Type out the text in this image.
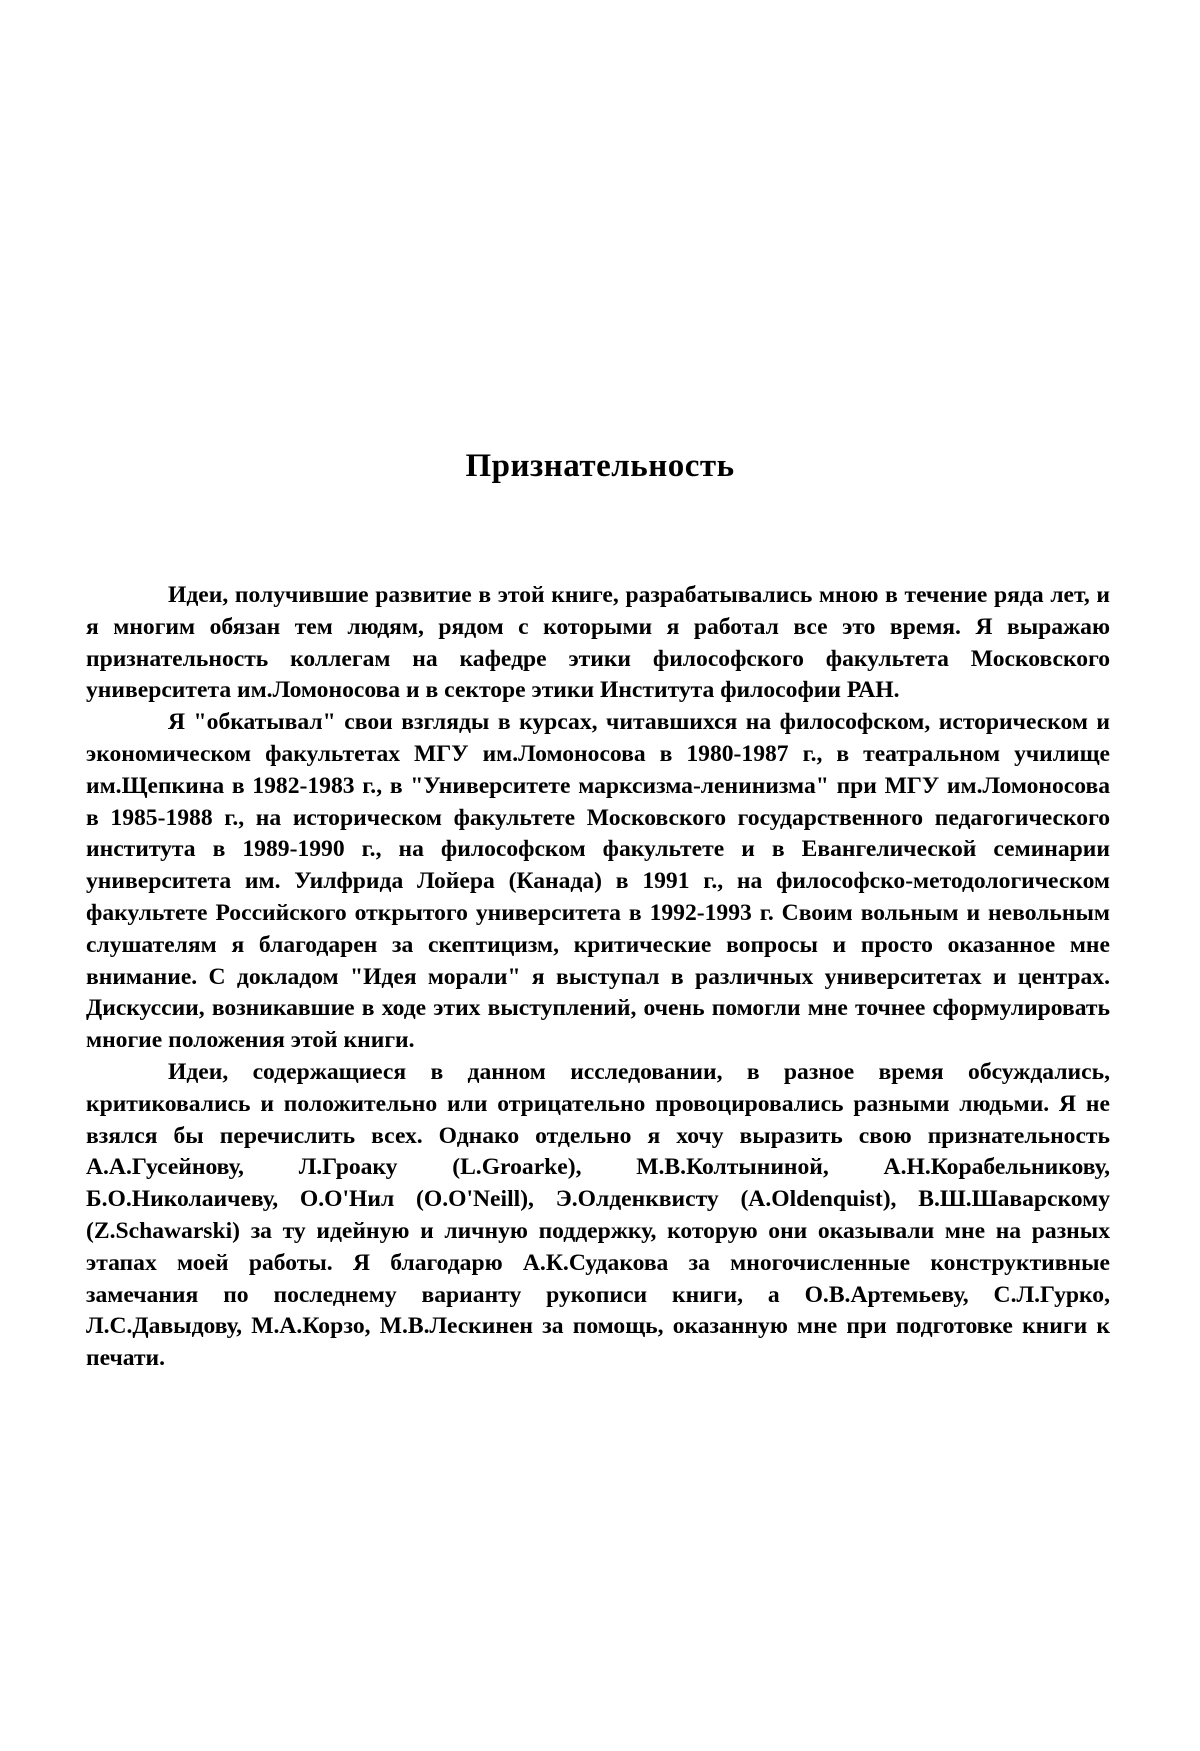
Признательность

Идеи, получившие развитие в этой книге, разрабатывались мною в течение ряда лет, и я многим обязан тем людям, рядом с которыми я работал все это время. Я выражаю признательность коллегам на кафедре этики философского факультета Московского университета им.Ломоносова и в секторе этики Института философии РАН.

Я "обкатывал" свои взгляды в курсах, читавшихся на философском, историческом и экономическом факультетах МГУ им.Ломоносова в 1980-1987 г., в театральном училище им.Щепкина в 1982-1983 г., в "Университете марксизма-ленинизма" при МГУ им.Ломоносова в 1985-1988 г., на историческом факультете Московского государственного педагогического института в 1989-1990 г., на философском факультете и в Евангелической семинарии университета им. Уилфрида Лойера (Канада) в 1991 г., на философско-методологическом факультете Российского открытого университета в 1992-1993 г. Своим вольным и невольным слушателям я благодарен за скептицизм, критические вопросы и просто оказанное мне внимание. С докладом "Идея морали" я выступал в различных университетах и центрах. Дискуссии, возникавшие в ходе этих выступлений, очень помогли мне точнее сформулировать многие положения этой книги.

Идеи, содержащиеся в данном исследовании, в разное время обсуждались, критиковались и положительно или отрицательно провоцировались разными людьми. Я не взялся бы перечислить всех. Однако отдельно я хочу выразить свою признательность А.А.Гусейнову, Л.Гроаку (L.Groarke), М.В.Колтыниной, А.Н.Корабельникову, Б.О.Николаичеву, О.О'Нил (O.O'Neill), Э.Олденквисту (A.Oldenquist), В.Ш.Шаварскому (Z.Schawarski) за ту идейную и личную поддержку, которую они оказывали мне на разных этапах моей работы. Я благодарю А.К.Судакова за многочисленные конструктивные замечания по последнему варианту рукописи книги, а О.В.Артемьеву, С.Л.Гурко, Л.С.Давыдову, М.А.Корзо, М.В.Лескинен за помощь, оказанную мне при подготовке книги к печати.
